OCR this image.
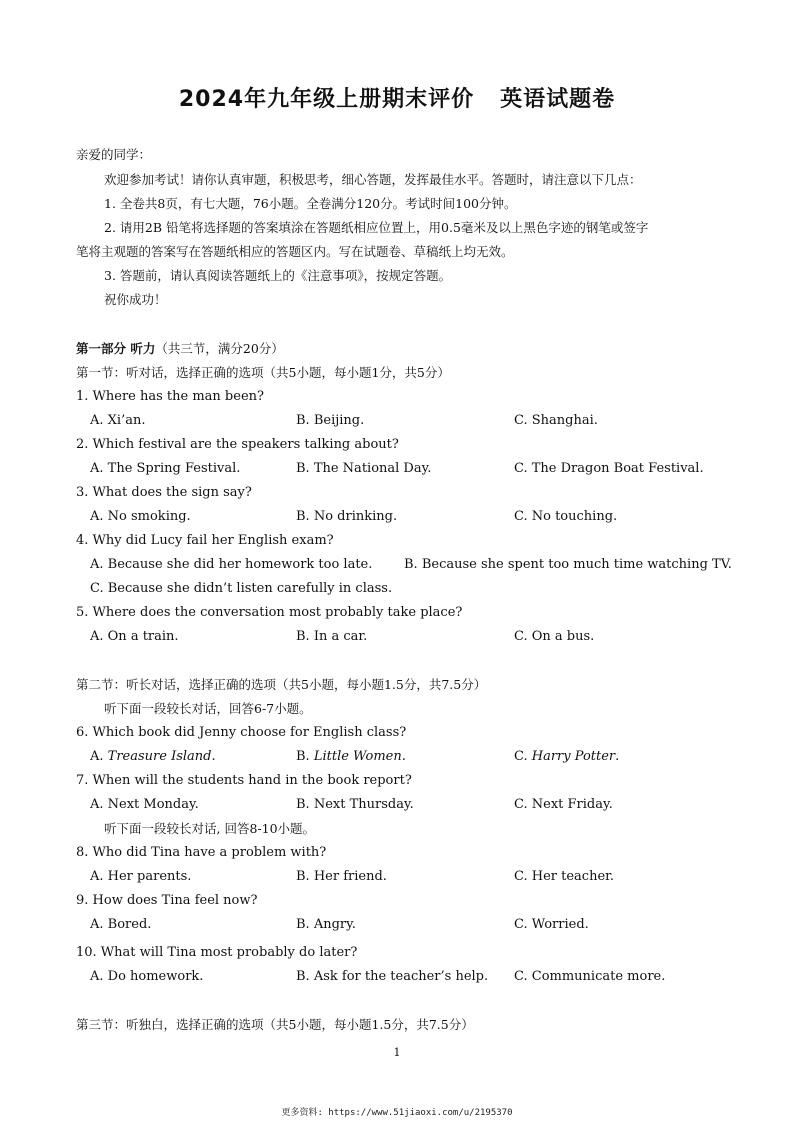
2024年九年级上册期末评价 英语试题卷
亲爱的同学：
欢迎参加考试！请你认真审题，积极思考，细心答题，发挥最佳水平。答题时，请注意以下几点：
1. 全卷共8页，有七大题，76小题。全卷满分120分。考试时间100分钟。
2. 请用2B 铅笔将选择题的答案填涂在答题纸相应位置上，用0.5毫米及以上黑色字迹的钢笔或签字
笔将主观题的答案写在答题纸相应的答题区内。写在试题卷、草稿纸上均无效。
3. 答题前，请认真阅读答题纸上的《注意事项》，按规定答题。
祝你成功！
第一部分 听力（共三节，满分20分）
第一节：听对话，选择正确的选项（共5小题，每小题1分，共5分）
1. Where has the man been?
A. Xi’an.	B. Beijing.	C. Shanghai.
2. Which festival are the speakers talking about?
A. The Spring Festival.	B. The National Day.	C. The Dragon Boat Festival.
3. What does the sign say?
A. No smoking.	B. No drinking.	C. No touching.
4. Why did Lucy fail her English exam?
A. Because she did her homework too late. B. Because she spent too much time watching TV.
C. Because she didn’t listen carefully in class.
5. Where does the conversation most probably take place?
A. On a train.	B. In a car.	C. On a bus.
第二节：听长对话，选择正确的选项（共5小题，每小题1.5分，共7.5分）
听下面一段较长对话，回答6-7小题。
6. Which book did Jenny choose for English class?
A. Treasure Island.	B. Little Women.	C. Harry Potter.
7. When will the students hand in the book report?
A. Next Monday.	B. Next Thursday.	C. Next Friday.
听下面一段较长对话, 回答8-10小题。
8. Who did Tina have a problem with?
A. Her parents.	B. Her friend.	C. Her teacher.
9. How does Tina feel now?
A. Bored.	B. Angry.	C. Worried.
10. What will Tina most probably do later?
A. Do homework.	B. Ask for the teacher’s help. C. Communicate more.
第三节：听独白，选择正确的选项（共5小题，每小题1.5分，共7.5分）
1
更多资料: https://www.51jiaoxi.com/u/2195370
